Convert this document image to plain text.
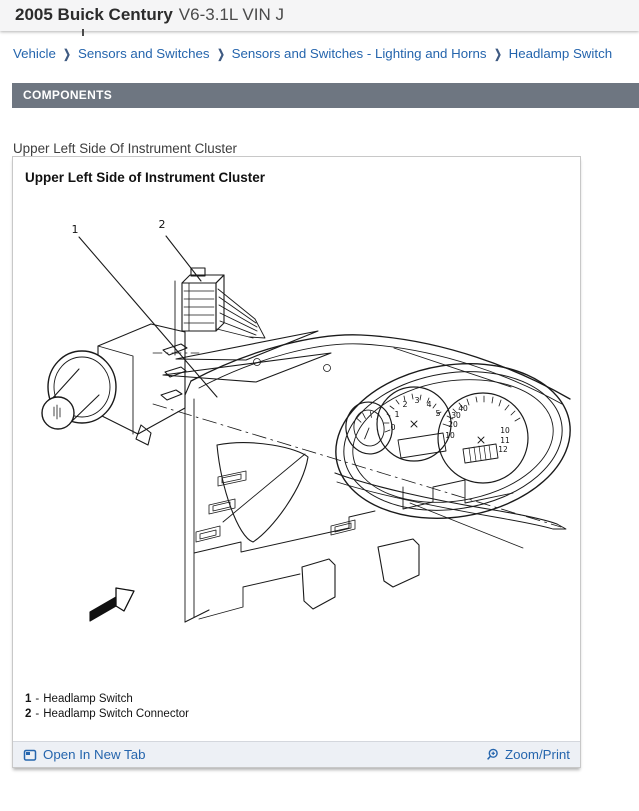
2005 Buick Century V6-3.1L VIN J
Vehicle ❯ Sensors and Switches ❯ Sensors and Switches - Lighting and Horns ❯ Headlamp Switch
COMPONENTS
Upper Left Side Of Instrument Cluster
Upper Left Side of Instrument Cluster
1	2
0
1
2 3 4
5
40
30
20
10
10
11
12
1 - Headlamp Switch
2 - Headlamp Switch Connector
Open In New Tab	Zoom/Print
